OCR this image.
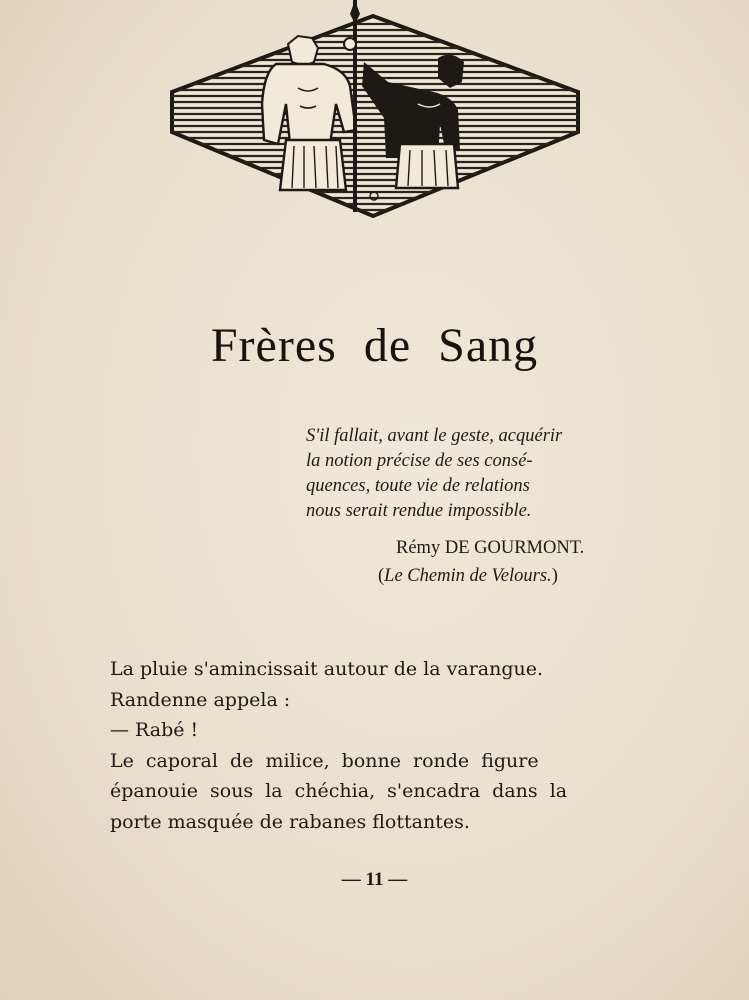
Frères de Sang
S'il fallait, avant le geste, acquérir
la notion précise de ses consé-
quences, toute vie de relations
nous serait rendue impossible.
Rémy DE GOURMONT.
(Le Chemin de Velours.)
La pluie s'amincissait autour de la varangue.
Randenne appela :
— Rabé !
Le caporal de milice, bonne ronde figure
épanouie sous la chéchia, s'encadra dans la
porte masquée de rabanes flottantes.
— 11 —
